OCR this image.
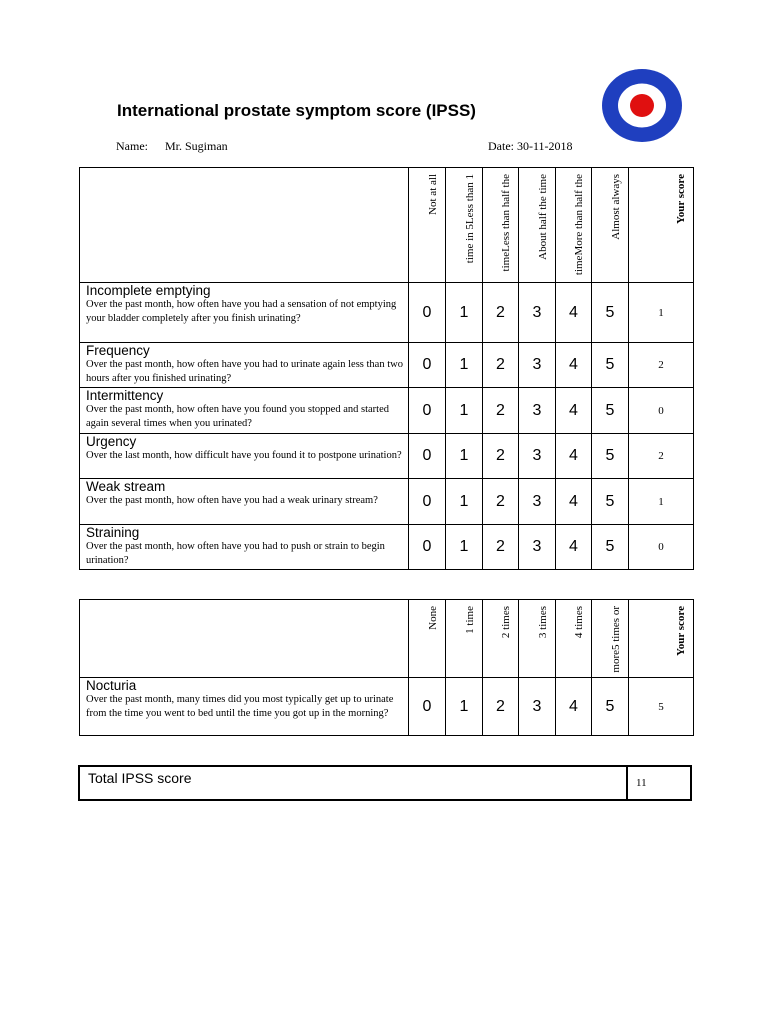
International prostate symptom score (IPSS)
Name: Mr. Sugiman	Date: 30-11-2018

	Not at all	time in 5Less than 1	timeLess than half the	About half the time	timeMore than half the	Almost always	Your score

Incomplete emptying
Over the past month, how often have you had a sensation of not emptying your bladder completely after you finish urinating?	0	1	2	3	4	5	1

Frequency
Over the past month, how often have you had to urinate again less than two hours after you finished urinating?	0	1	2	3	4	5	2

Intermittency
Over the past month, how often have you found you stopped and started again several times when you urinated?	0	1	2	3	4	5	0

Urgency
Over the last month, how difficult have you found it to postpone urination?	0	1	2	3	4	5	2

Weak stream
Over the past month, how often have you had a weak urinary stream?	0	1	2	3	4	5	1

Straining
Over the past month, how often have you had to push or strain to begin urination?	0	1	2	3	4	5	0

	None	1 time	2 times	3 times	4 times	more5 times or	Your score

Nocturia
Over the past month, many times did you most typically get up to urinate from the time you went to bed until the time you got up in the morning?	0	1	2	3	4	5	5
Total IPSS score	11
